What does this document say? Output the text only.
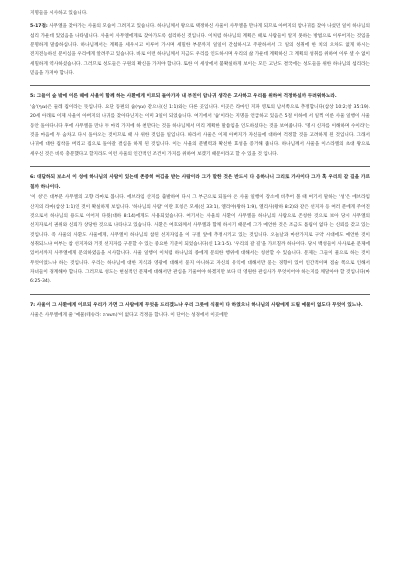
지명들을 시사하고 있습니다.

5-17절: 사무엘을 찾아가는 사울의 모습이 그려지고 있습니다. 하나님께서 왕으로 택정하신 사울이 사무엘을 만나게 되므로 아버지의 암나귀를 찾아 나섰던 일이 하나님의 섭리 가운데 있었음을 나타냅니다. 사울이 사무엘에게로 찾아가도록 섭리하신 것입니다. 이처럼 하나님의 계획은 때로 사람들이 알지 못하는 방법으로 이루어지는 것임을 분명하게 말씀하십니다. 하나님께서는 계획을 세우시고 이루어 가시며 세밀한 부분까지 일일이 간섭하시고 주관하셔서 그 일의 성취에 한 치의 오차도 없게 하시는 전지전능하신 분이심을 우리에게 알려주고 있습니다. 바로 이런 하나님께서 지금도 우리를 인도하시며 우리의 삶 가운데 계획하신 그 계획의 성취를 위하여 이루 셀 수 없이 세밀하게 역사하셨습니다. 그러므로 성도들은 구원의 확신을 가져야 합니다. 또한 이 세상에서 불확실하게 보이는 모든 고난도 결국에는 성도들을 위한 하나님의 섭리라는 믿음을 가져야 합니다.

5: 그들이 숲 밖에 이른 때에 사울이 함께 하는 사환에게 이르되 돌아가자 내 부친이 암나귀 생각은 고사하고 우리를 위하여 걱정하실까 두려워하노라.

'숩'(צוף)은 둘레 집이라는 뜻입니다. 요단 동편의 숩(צוף) 같으니(신 1:1)와는 다른 곳입니다. 이곳은 라마인 지파 영토의 남서쪽으로 추정합니다(삼상 10:2;창 35:19). 20세 아래로 이제 사울이 아버지의 나귀를 찾아다닌지는 이미 3일이 되었습니다. 여기에서 '숩'이라는 지명을 언급하고 있음은 5절 이하에 서 일찍 이룬 사울 일행이 사울 동안 돌아다니다 후에 사무엘을 만나 두 마리 가지에 하 천만다는 것을 하나님께서 미리 계획한 말씀임을 인도하셨다는 것을 보여줍니다. '명시 신자를 이해하며 수이라'는 것을 마음에 두 숨차고 다시 돌아오는 것이므로 때 사 위한 것임을 일입니다. 따라서 사울은 이제 아버지가 자신들에 대하여 걱정할 것을 고려하게 된 것입니다. 그래서 나귀에 대한 집착을 버리고 집으로 돌아갈 결심을 하게 된 것입니다. 이는 사울의 분별력과 확신한 효성을 증거해 줍니다. 하나님께서 사울을 이스라엘의 초대 왕으로 세우신 것은 비록 충분했다고 할지라도 이런 사울의 인간적인 조건이 가지를 위하여 보겠기 때문이라고 할 수 있을 것 입니다.

6: 대답하되 보소서 이 성에 하나님의 사람이 있는데 존중히 여김을 받는 사람이라 그가 말한 것은 반드시 다 응하나니 그리로 가사이다 그가 혹 우리의 갈 길을 가르칠까 하나이다.

'이 성'은 대부분 사무엘의 고향 라마로 봅니다. 에브라임 산지를 출발하여 다시 그 부근으로 되돌아 온 사울 일행이 장소에 비추어 볼 때 여기서 말하는 '성'은 에브라임 산지의 라마(삼상 1:1)인 것이 확실하게 보입니다. '하나님의 사람' 이란 호칭은 모세(신 33:1), 엘리야(왕하 1:9), 엘리사(왕하 8:2)와 같은 선지자 등 여러 분에게 주어진 것으로서 하나님의 용도로 이어져 다윗(대하 8:14)에게도 사용되었습니다. 여기서는 사울의 사환이 사무엘을 하나님의 사람으로 존칭한 것으로 보아 당시 사무엘의 선지자로서 권위와 신뢰가 상당한 것으로 나타나고 있습니다. 사환은 여호와께서 사무엘과 함께 하시기 때문에 그가 예언한 것은 조금도 틀림이 없다 는 신뢰를 갖고 있는 것입니다. 즉 사울의 사환도 사울에게, 사무엘이 하나님의 참된 선지자임을 이 구절 앞에 추정시키고 있는 것입니다. 오늘날과 마찬가지로 구약 시대에도 예언한 것이 성취되느냐 여부는 참 선지자와 거짓 선지자를 구분할 수 있는 중요한 기준이 되었습니다(신 13:1-5). '우리의 갈 길'을 가르칠까 하나이다. 당시 백성들이 사사로운 문제에 있어서까지 사무엘에게 문의하였음을 시사합니다. 사울 일행이 이처럼 하나님의 종에게 문의한 행위에 대해서는 칭찬할 수 있습니다. 문제는 그들이 물으로 하는 것이 무엇이었느냐 하는 것입니다. 우리는 하나님에 대한 지식과 영광에 대해서 묻지 아니하고 자신의 유익에 대해서만 묻는 경향이 있어 인간적이며 점술 쪽으로 인해서 자녀들이 경계해야 합니다. 그러므로 성도는 현실적인 문제에 대해서만 관심을 기울여야 하겠지만 보다 더 영원한 관심사가 무엇이어야 하는지를 깨달아야 할 것입니다(마 6:25-34).

7: 사울이 그 사환에게 이르되 우리가 가면 그 사람에게 무엇을 드리겠느냐 우리 그릇에 식물이 다 하였으니 하나님의 사람에게 드릴 예물이 없도다 무엇이 있느냐.

사울은 사무엘에게 줄 '예물(테슈라: תשורה)'이 없다고 걱정을 합니다. 이 단어는 성경에서 이곳에만
